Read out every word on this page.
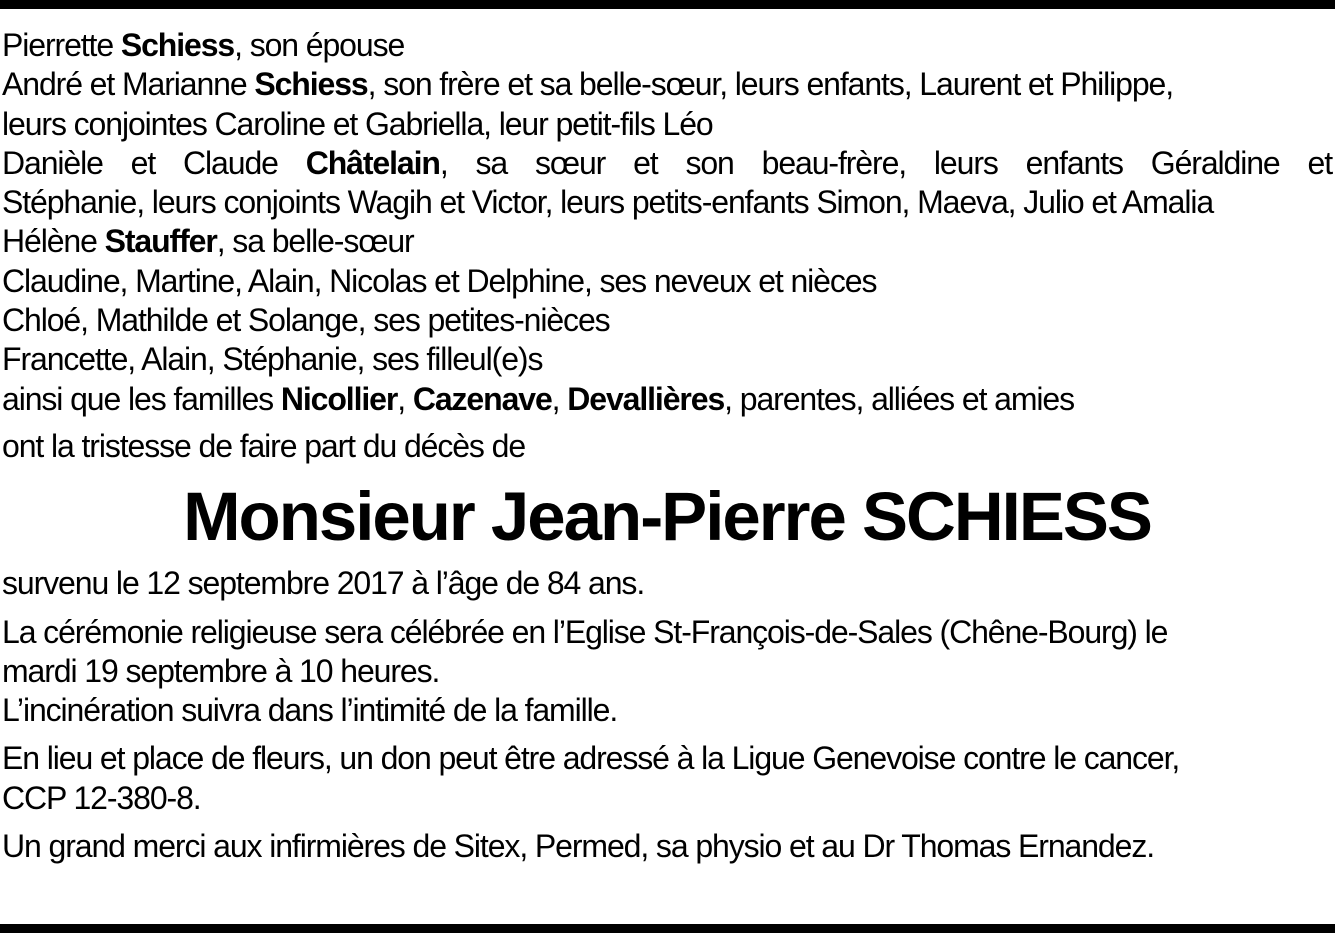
Pierrette Schiess, son épouse
André et Marianne Schiess, son frère et sa belle-sœur, leurs enfants, Laurent et Philippe,
leurs conjointes Caroline et Gabriella, leur petit-fils Léo
Danièle et Claude Châtelain, sa sœur et son beau-frère, leurs enfants Géraldine et
Stéphanie, leurs conjoints Wagih et Victor, leurs petits-enfants Simon, Maeva, Julio et Amalia
Hélène Stauffer, sa belle-sœur
Claudine, Martine, Alain, Nicolas et Delphine, ses neveux et nièces
Chloé, Mathilde et Solange, ses petites-nièces
Francette, Alain, Stéphanie, ses filleul(e)s
ainsi que les familles Nicollier, Cazenave, Devallières, parentes, alliées et amies
ont la tristesse de faire part du décès de
Monsieur Jean-Pierre SCHIESS
survenu le 12 septembre 2017 à l’âge de 84 ans.
La cérémonie religieuse sera célébrée en l’Eglise St-François-de-Sales (Chêne-Bourg) le
mardi 19 septembre à 10 heures.
L’incinération suivra dans l’intimité de la famille.
En lieu et place de fleurs, un don peut être adressé à la Ligue Genevoise contre le cancer,
CCP 12-380-8.
Un grand merci aux infirmières de Sitex, Permed, sa physio et au Dr Thomas Ernandez.
